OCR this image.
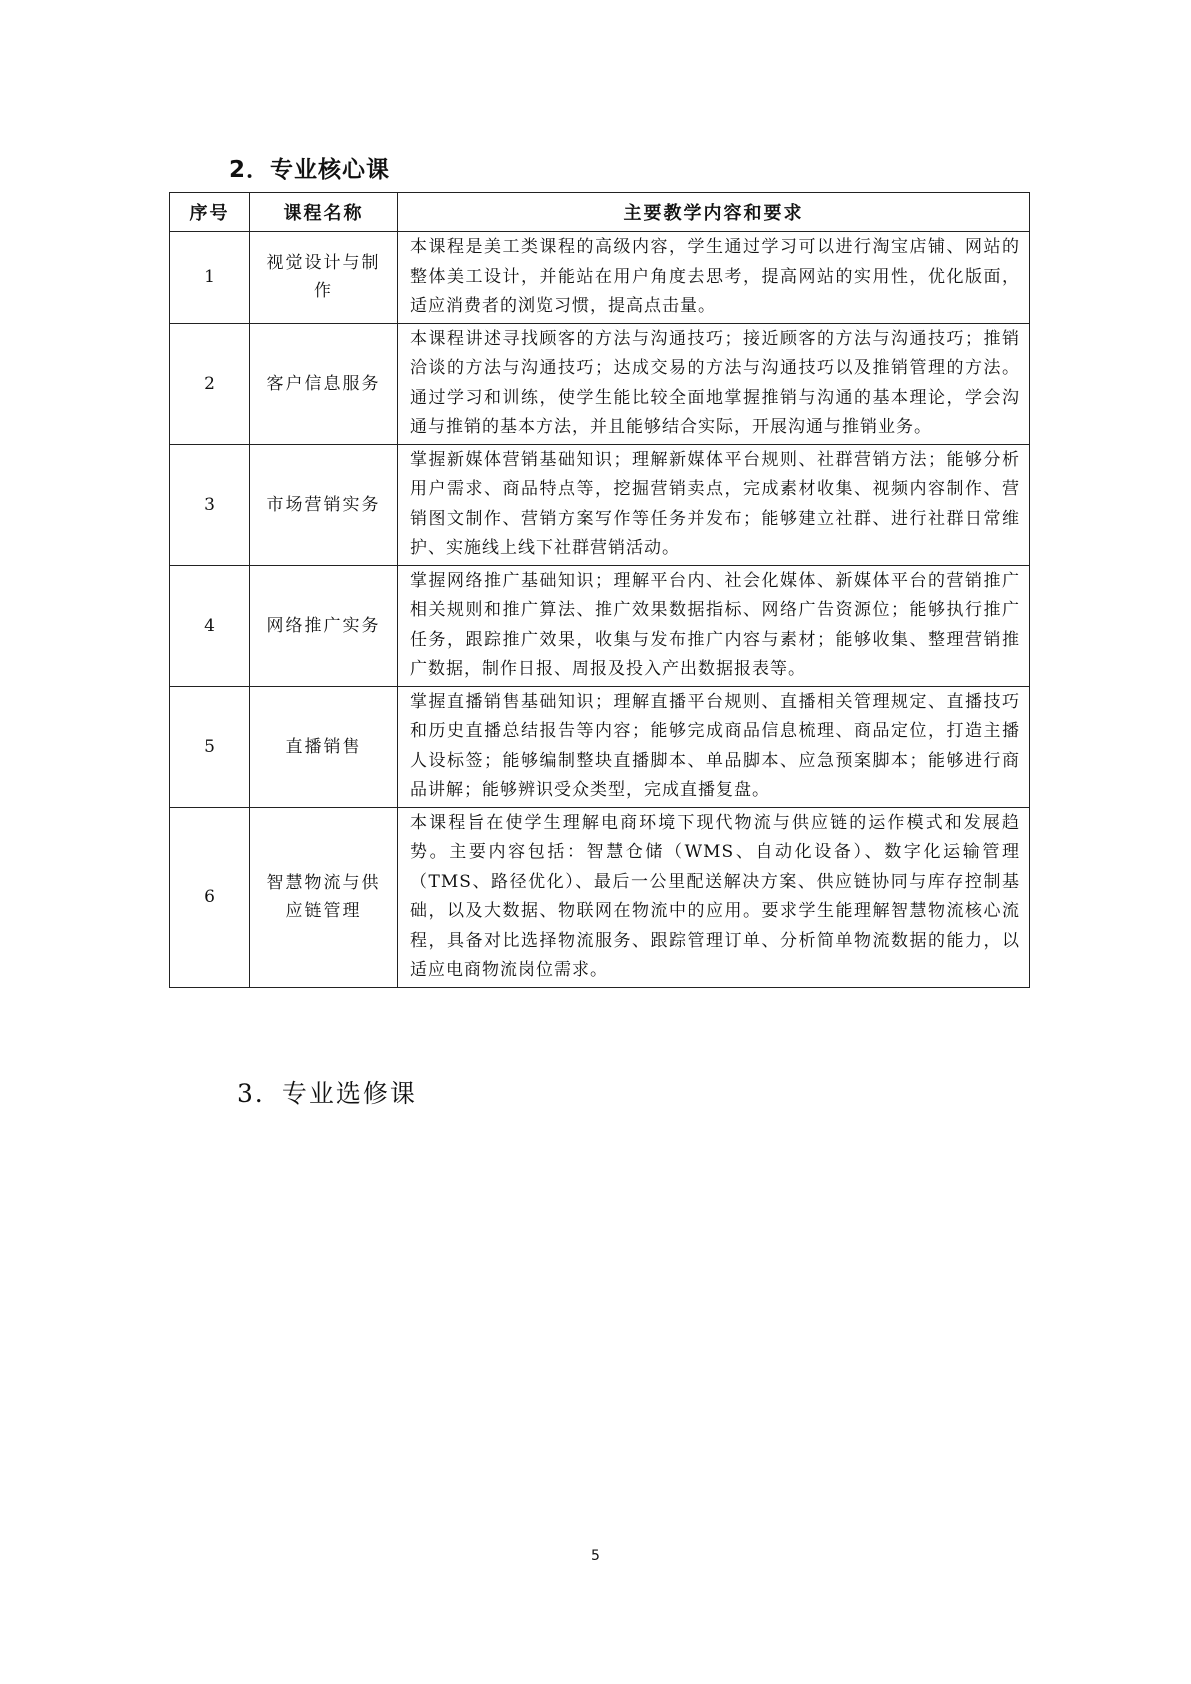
2．专业核心课
序号	课程名称	主要教学内容和要求
1	视觉设计与制作	本课程是美工类课程的高级内容，学生通过学习可以进行淘宝店铺、网站的整体美工设计，并能站在用户角度去思考，提高网站的实用性，优化版面，适应消费者的浏览习惯，提高点击量。
2	客户信息服务	本课程讲述寻找顾客的方法与沟通技巧；接近顾客的方法与沟通技巧；推销洽谈的方法与沟通技巧；达成交易的方法与沟通技巧以及推销管理的方法。通过学习和训练，使学生能比较全面地掌握推销与沟通的基本理论，学会沟通与推销的基本方法，并且能够结合实际，开展沟通与推销业务。
3	市场营销实务	掌握新媒体营销基础知识；理解新媒体平台规则、社群营销方法；能够分析用户需求、商品特点等，挖掘营销卖点，完成素材收集、视频内容制作、营销图文制作、营销方案写作等任务并发布；能够建立社群、进行社群日常维护、实施线上线下社群营销活动。
4	网络推广实务	掌握网络推广基础知识；理解平台内、社会化媒体、新媒体平台的营销推广相关规则和推广算法、推广效果数据指标、网络广告资源位；能够执行推广任务，跟踪推广效果，收集与发布推广内容与素材；能够收集、整理营销推广数据，制作日报、周报及投入产出数据报表等。
5	直播销售	掌握直播销售基础知识；理解直播平台规则、直播相关管理规定、直播技巧和历史直播总结报告等内容；能够完成商品信息梳理、商品定位，打造主播人设标签；能够编制整块直播脚本、单品脚本、应急预案脚本；能够进行商品讲解；能够辨识受众类型，完成直播复盘。
6	智慧物流与供应链管理	本课程旨在使学生理解电商环境下现代物流与供应链的运作模式和发展趋势。主要内容包括：智慧仓储（WMS、自动化设备）、数字化运输管理（TMS、路径优化）、最后一公里配送解决方案、供应链协同与库存控制基础，以及大数据、物联网在物流中的应用。要求学生能理解智慧物流核心流程，具备对比选择物流服务、跟踪管理订单、分析简单物流数据的能力，以适应电商物流岗位需求。
3．专业选修课
5
